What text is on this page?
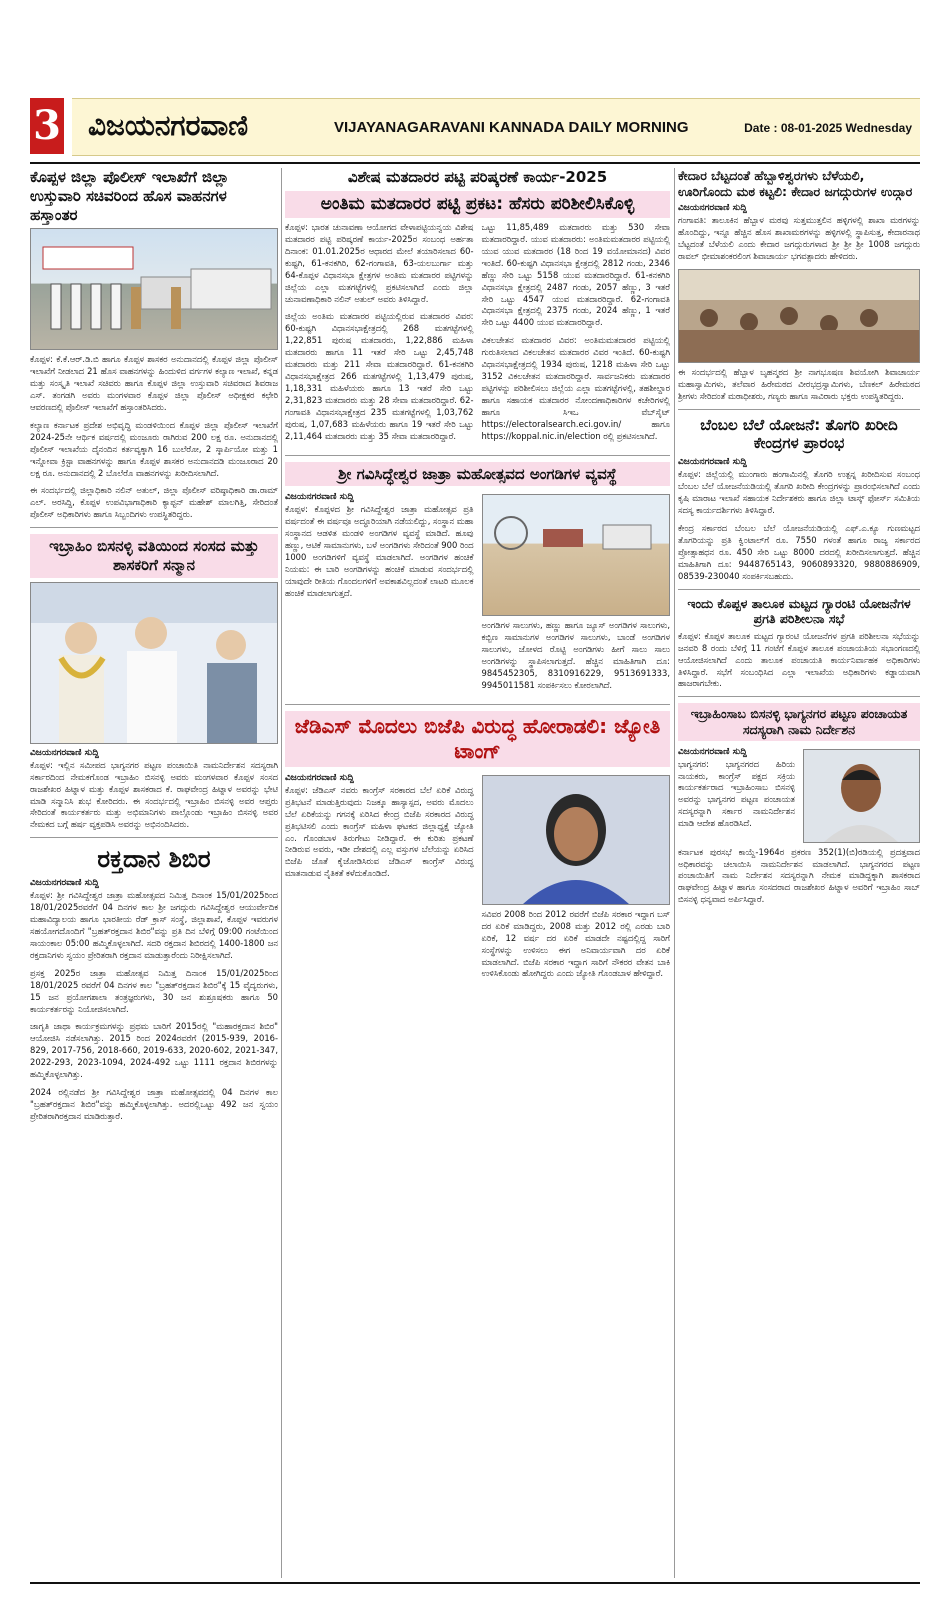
3 ವಿಜಯನಗರವಾಣಿ	VIJAYANAGARAVANI KANNADA DAILY MORNING	Date : 08-01-2025 Wednesday
ಕೊಪ್ಪಳ ಜಿಲ್ಲಾ ಪೊಲೀಸ್ ಇಲಾಖೆಗೆ ಜಿಲ್ಲಾ ಉಸ್ತುವಾರಿ ಸಚಿವರಿಂದ ಹೊಸ ವಾಹನಗಳ ಹಸ್ತಾಂತರ
ಕೊಪ್ಪಳ: ಕೆ.ಕೆ.ಆರ್.ಡಿ.ಬಿ ಹಾಗೂ ಕೊಪ್ಪಳ ಶಾಸಕರ ಅನುದಾನದಲ್ಲಿ ಕೊಪ್ಪಳ ಜಿಲ್ಲಾ ಪೊಲೀಸ್ ಇಲಾಖೆಗೆ ನೀಡಲಾದ 21 ಹೊಸ ವಾಹನಗಳನ್ನು ಹಿಂದುಳಿದ ವರ್ಗಗಳ ಕಲ್ಯಾಣ ಇಲಾಖೆ, ಕನ್ನಡ ಮತ್ತು ಸಂಸ್ಕೃತಿ ಇಲಾಖೆ ಸಚಿವರು ಹಾಗೂ ಕೊಪ್ಪಳ ಜಿಲ್ಲಾ ಉಸ್ತುವಾರಿ ಸಚಿವರಾದ ಶಿವರಾಜ ಎಸ್. ತಂಗಡಗಿ ಅವರು ಮಂಗಳವಾರ ಕೊಪ್ಪಳ ಜಿಲ್ಲಾ ಪೊಲೀಸ್ ಅಧೀಕ್ಷಕರ ಕಛೇರಿ ಆವರಣದಲ್ಲಿ ಪೊಲೀಸ್ ಇಲಾಖೆಗೆ ಹಸ್ತಾಂತರಿಸಿದರು.
ಕಲ್ಯಾಣ ಕರ್ನಾಟಕ ಪ್ರದೇಶ ಅಭಿವೃದ್ಧಿ ಮಂಡಳಿಯಿಂದ ಕೊಪ್ಪಳ ಜಿಲ್ಲಾ ಪೊಲೀಸ್ ಇಲಾಖೆಗೆ 2024-25ನೇ ಆರ್ಥಿಕ ವರ್ಷದಲ್ಲಿ ಮಂಜೂರು ರಾಗಿರುವ 200 ಲಕ್ಷ ರೂ. ಅನುದಾನದಲ್ಲಿ ಪೊಲೀಸ್ ಇಲಾಖೆಯ ದೈನಂದಿನ ಕರ್ತವ್ಯಕ್ಕಾಗಿ 16 ಬುಲೆರೋ, 2 ಸ್ಕಾರ್ಪಿಯೋ ಮತ್ತು 1 ಇನ್ನೋವಾ ಕ್ರಿಸ್ಟಾ ವಾಹನಗಳನ್ನು ಹಾಗೂ ಕೊಪ್ಪಳ ಶಾಸಕರ ಅನುದಾನದಡಿ ಮಂಜೂರಾದ 20 ಲಕ್ಷ ರೂ. ಅನುದಾನದಲ್ಲಿ 2 ಬೊಲೆರೊ ವಾಹನಗಳನ್ನು ಖರೀದಿಸಲಾಗಿದೆ.
ಈ ಸಂದರ್ಭದಲ್ಲಿ ಜಿಲ್ಲಾಧಿಕಾರಿ ನಲಿನ್ ಅತುಲ್, ಜಿಲ್ಲಾ ಪೊಲೀಸ್ ವರಿಷ್ಠಾಧಿಕಾರಿ ಡಾ.ರಾಮ್ ಎಲ್. ಅರಸಿದ್ದಿ, ಕೊಪ್ಪಳ ಉಪವಿಭಾಗಾಧಿಕಾರಿ ಕ್ಯಾಪ್ಟನ್ ಮಹೇಶ್ ಮಾಲಗಿತ್ತಿ, ಸೇರಿದಂತೆ ಪೊಲೀಸ್ ಅಧಿಕಾರಿಗಳು ಹಾಗೂ ಸಿಬ್ಬಂದಿಗಳು ಉಪಸ್ಥಿತರಿದ್ದರು.
ಇಬ್ರಾಹಿಂ ಬಿಸನಳ್ಳಿ ವತಿಯಿಂದ ಸಂಸದ ಮತ್ತು ಶಾಸಕರಿಗೆ ಸನ್ಮಾನ
ವಿಜಯನಗರವಾಣಿ ಸುದ್ದಿ
ಕೊಪ್ಪಳ: ಇಲ್ಲಿನ ಸಮೀಪದ ಭಾಗ್ಯನಗರ ಪಟ್ಟಣ ಪಂಚಾಯಿತಿ ನಾಮನಿರ್ದೇಶನ ಸದಸ್ಯರಾಗಿ ಸರ್ಕಾರದಿಂದ ನೇಮಕಗೊಂಡ ಇಬ್ರಾಹಿಂ ಬಿಸನಳ್ಳಿ ಅವರು ಮಂಗಳವಾರ ಕೊಪ್ಪಳ ಸಂಸದ ರಾಜಶೇಖರ ಹಿಟ್ನಾಳ ಮತ್ತು ಕೊಪ್ಪಳ ಶಾಸಕರಾದ ಕೆ. ರಾಘವೇಂದ್ರ ಹಿಟ್ನಾಳ ಅವರನ್ನು ಭೇಟಿ ಮಾಡಿ ಸನ್ಮಾನಿಸಿ ಶುಭ ಕೋರಿದರು. ಈ ಸಂದರ್ಭದಲ್ಲಿ ಇಬ್ರಾಹಿಂ ಬಿಸನಳ್ಳಿ ಅವರ ಆಪ್ತರು ಸೇರಿದಂತೆ ಕಾರ್ಯಕರ್ತರು ಮತ್ತು ಅಭಿಮಾನಿಗಳು ಪಾಲ್ಗೊಂಡು ಇಬ್ರಾಹಿಂ ಬಿಸನಳ್ಳಿ ಅವರ ನೇಮಕದ ಬಗ್ಗೆ ಹರ್ಷ ವ್ಯಕ್ತಪಡಿಸಿ ಅವರನ್ನು ಅಭಿನಂದಿಸಿದರು.
ರಕ್ತದಾನ ಶಿಬಿರ
ವಿಜಯನಗರವಾಣಿ ಸುದ್ದಿ
ಕೊಪ್ಪಳ: ಶ್ರೀ ಗವಿಸಿದ್ದೇಶ್ವರ ಜಾತ್ರಾ ಮಹೋತ್ಸವದ ನಿಮಿತ್ತ ದಿನಾಂಕ 15/01/2025ರಿಂದ 18/01/2025ರವರೆಗೆ 04 ದಿನಗಳ ಕಾಲ ಶ್ರೀ ಜಗದ್ಗುರು ಗವಿಸಿದ್ದೇಶ್ವರ ಆಯುರ್ವೇದಿಕ ಮಹಾವಿದ್ಯಾಲಯ ಹಾಗೂ ಭಾರತೀಯ ರೆಡ್ ಕ್ರಾಸ್ ಸಂಸ್ಥೆ, ಜಿಲ್ಲಾಶಾಖೆ, ಕೊಪ್ಪಳ ಇವರುಗಳ ಸಹಯೋಗದೊಂದಿಗೆ "ಬ್ರಹತ್‌ರಕ್ತದಾನ ಶಿಬಿರ"ವನ್ನು ಪ್ರತಿ ದಿನ ಬೆಳಿಗ್ಗೆ 09:00 ಗಂಟೆಯಿಂದ ಸಾಯಂಕಾಲ 05:00 ಹಮ್ಮಿಕೊಳ್ಳಲಾಗಿದೆ. ಸದರಿ ರಕ್ತದಾನ ಶಿಬಿರದಲ್ಲಿ 1400-1800 ಜನ ರಕ್ತದಾನಿಗಳು ಸ್ವಯಂ ಪ್ರೇರಿತರಾಗಿ ರಕ್ತದಾನ ಮಾಡುತ್ತಾರೆಂದು ನಿರೀಕ್ಷಿಸಲಾಗಿದೆ.
ಪ್ರಸಕ್ತ 2025ರ ಜಾತ್ರಾ ಮಹೋತ್ಸವ ನಿಮಿತ್ತ ದಿನಾಂಕ 15/01/2025ರಿಂದ 18/01/2025 ರವರೆಗೆ 04 ದಿನಗಳ ಕಾಲ "ಬ್ರಹತ್‌ರಕ್ತದಾನ ಶಿಬಿರ"ಕ್ಕೆ 15 ವೈದ್ಯರುಗಳು, 15 ಜನ ಪ್ರಯೋಗಶಾಲಾ ತಂತ್ರಜ್ಞರುಗಳು, 30 ಜನ ಶುಶ್ರೂಷಕರು ಹಾಗೂ 50 ಕಾರ್ಯಕರ್ತರನ್ನು ನಿಯೋಜಿಸಲಾಗಿದೆ.
ಜಾಗೃತಿ ಜಾಥಾ ಕಾರ್ಯಕ್ರಮಗಳನ್ನು ಪ್ರಥಮ ಬಾರಿಗೆ 2015ರಲ್ಲಿ "ಮಹಾರಕ್ತದಾನ ಶಿಬಿರ" ಆಯೋಜಿಸಿ ನಡೆಸಲಾಗಿತ್ತು. 2015 ರಿಂದ 2024ರವರೆಗೆ (2015-939, 2016-829, 2017-756, 2018-660, 2019-633, 2020-602, 2021-347, 2022-293, 2023-1094, 2024-492 ಒಟ್ಟು 1111 ರಕ್ತದಾನ ಶಿಬಿರಗಳನ್ನು ಹಮ್ಮಿಕೊಳ್ಳಲಾಗಿತ್ತು.
2024 ರಲ್ಲಿನಡೆದ ಶ್ರೀ ಗವಿಸಿದ್ದೇಶ್ವರ ಜಾತ್ರಾ ಮಹೋತ್ಸವದಲ್ಲಿ 04 ದಿನಗಳ ಕಾಲ "ಬ್ರಹತ್‌ರಕ್ತದಾನ ಶಿಬಿರ"ವನ್ನು ಹಮ್ಮಿಕೊಳ್ಳಲಾಗಿತ್ತು. ಅದರಲ್ಲಿಒಟ್ಟು 492 ಜನ ಸ್ವಯಂ ಪ್ರೇರಿತರಾಗಿರಕ್ತದಾನ ಮಾಡಿರುತ್ತಾರೆ.
ವಿಶೇಷ ಮತದಾರರ ಪಟ್ಟಿ ಪರಿಷ್ಕರಣೆ ಕಾರ್ಯ-2025
ಅಂತಿಮ ಮತದಾರರ ಪಟ್ಟಿ ಪ್ರಕಟ: ಹೆಸರು ಪರಿಶೀಲಿಸಿಕೊಳ್ಳಿ
ಕೊಪ್ಪಳ: ಭಾರತ ಚುನಾವಣಾ ಆಯೋಗದ ವೇಳಾಪಟ್ಟಿಯನ್ವಯ ವಿಶೇಷ ಮತದಾರರ ಪಟ್ಟಿ ಪರಿಷ್ಕರಣೆ ಕಾರ್ಯ-2025ರ ಸಂಬಂಧ ಅರ್ಹತಾ ದಿನಾಂಕ: 01.01.2025ರ ಆಧಾರದ ಮೇಲೆ ತಯಾರಿಸಲಾದ 60-ಕುಷ್ಟಗಿ, 61-ಕನಕಗಿರಿ, 62-ಗಂಗಾವತಿ, 63-ಯಲಬುರ್ಗಾ ಮತ್ತು 64-ಕೊಪ್ಪಳ ವಿಧಾನಸಭಾ ಕ್ಷೇತ್ರಗಳ ಅಂತಿಮ ಮತದಾರರ ಪಟ್ಟಿಗಳನ್ನು ಜಿಲ್ಲೆಯ ಎಲ್ಲಾ ಮತಗಟ್ಟೆಗಳಲ್ಲಿ ಪ್ರಕಟಿಸಲಾಗಿದೆ ಎಂದು ಜಿಲ್ಲಾ ಚುನಾವಣಾಧಿಕಾರಿ ನಲಿನ್ ಅತುಲ್ ಅವರು ತಿಳಿಸಿದ್ದಾರೆ.
ಜಿಲ್ಲೆಯ ಅಂತಿಮ ಮತದಾರರ ಪಟ್ಟಿಯಲ್ಲಿರುವ ಮತದಾರರ ವಿವರ: 60-ಕುಷ್ಟಗಿ ವಿಧಾನಸಭಾಕ್ಷೇತ್ರದಲ್ಲಿ 268 ಮತಗಟ್ಟೆಗಳಲ್ಲಿ 1,22,851 ಪುರುಷ ಮತದಾರರು, 1,22,886 ಮಹಿಳಾ ಮತದಾರರು ಹಾಗೂ 11 ಇತರೆ ಸೇರಿ ಒಟ್ಟು 2,45,748 ಮತದಾರರು ಮತ್ತು 211 ಸೇವಾ ಮತದಾರರಿದ್ದಾರೆ. 61-ಕನಕಗಿರಿ ವಿಧಾನಸಭಾಕ್ಷೇತ್ರದ 266 ಮತಗಟ್ಟೆಗಳಲ್ಲಿ 1,13,479 ಪುರುಷ, 1,18,331 ಮಹಿಳೆಯರು ಹಾಗೂ 13 ಇತರೆ ಸೇರಿ ಒಟ್ಟು 2,31,823 ಮತದಾರರು ಮತ್ತು 28 ಸೇವಾ ಮತದಾರರಿದ್ದಾರೆ. 62-ಗಂಗಾವತಿ ವಿಧಾನಸಭಾಕ್ಷೇತ್ರದ 235 ಮತಗಟ್ಟೆಗಳಲ್ಲಿ 1,03,762 ಪುರುಷ, 1,07,683 ಮಹಿಳೆಯರು ಹಾಗೂ 19 ಇತರೆ ಸೇರಿ ಒಟ್ಟು 2,11,464 ಮತದಾರರು ಮತ್ತು 35 ಸೇವಾ ಮತದಾರರಿದ್ದಾರೆ.
ಒಟ್ಟು 11,85,489 ಮತದಾರರು ಮತ್ತು 530 ಸೇವಾ ಮತದಾರರಿದ್ದಾರೆ. ಯುವ ಮತದಾರರು: ಅಂತಿಮಮತದಾರರ ಪಟ್ಟಿಯಲ್ಲಿ ಯುವ ಯುವ ಮತದಾರರ (18 ರಿಂದ 19 ವಯೋಮಾನದ) ವಿವರ ಇಂತಿದೆ. 60-ಕುಷ್ಟಗಿ ವಿಧಾನಸಭಾ ಕ್ಷೇತ್ರದಲ್ಲಿ 2812 ಗಂಡು, 2346 ಹೆಣ್ಣು ಸೇರಿ ಒಟ್ಟು 5158 ಯುವ ಮತದಾರರಿದ್ದಾರೆ. 61-ಕನಕಗಿರಿ ವಿಧಾನಸಭಾ ಕ್ಷೇತ್ರದಲ್ಲಿ 2487 ಗಂಡು, 2057 ಹೆಣ್ಣು, 3 ಇತರೆ ಸೇರಿ ಒಟ್ಟು 4547 ಯುವ ಮತದಾರರಿದ್ದಾರೆ. 62-ಗಂಗಾವತಿ ವಿಧಾನಸಭಾ ಕ್ಷೇತ್ರದಲ್ಲಿ 2375 ಗಂಡು, 2024 ಹೆಣ್ಣು, 1 ಇತರೆ ಸೇರಿ ಒಟ್ಟು 4400 ಯುವ ಮತದಾರರಿದ್ದಾರೆ.
ವಿಕಲಚೇತನ ಮತದಾರರ ವಿವರ: ಅಂತಿಮಮತದಾರರ ಪಟ್ಟಿಯಲ್ಲಿ ಗುರುತಿಸಲಾದ ವಿಕಲಚೇತನ ಮತದಾರರ ವಿವರ ಇಂತಿದೆ. 60-ಕುಷ್ಟಗಿ ವಿಧಾನಸಭಾಕ್ಷೇತ್ರದಲ್ಲಿ 1934 ಪುರುಷ, 1218 ಮಹಿಳಾ ಸೇರಿ ಒಟ್ಟು 3152 ವಿಕಲಚೇತನ ಮತದಾರರಿದ್ದಾರೆ. ಸಾರ್ವಜನಿಕರು ಮತದಾರರ ಪಟ್ಟಿಗಳನ್ನು ಪರಿಶೀಲಿಸಲು ಜಿಲ್ಲೆಯ ಎಲ್ಲಾ ಮತಗಟ್ಟೆಗಳಲ್ಲಿ, ತಹಶೀಲ್ದಾರ ಹಾಗೂ ಸಹಾಯಕ ಮತದಾರರ ನೋಂದಣಾಧಿಕಾರಿಗಳ ಕಚೇರಿಗಳಲ್ಲಿ ಹಾಗೂ ಸಿಇಒ ವೆಬ್‌ಸೈಟ್ https://electoralsearch.eci.gov.in/ ಹಾಗೂ https://koppal.nic.in/election ರಲ್ಲಿ ಪ್ರಕಟಿಸಲಾಗಿದೆ.
ಶ್ರೀ ಗವಿಸಿದ್ಧೇಶ್ವರ ಜಾತ್ರಾ ಮಹೋತ್ಸವದ ಅಂಗಡಿಗಳ ವ್ಯವಸ್ಥೆ
ವಿಜಯನಗರವಾಣಿ ಸುದ್ದಿ
ಕೊಪ್ಪಳ: ಕೊಪ್ಪಳದ ಶ್ರೀ ಗವಿಸಿದ್ದೇಶ್ವರ ಜಾತ್ರಾ ಮಹೋತ್ಸವ ಪ್ರತಿ ವರ್ಷದಂತೆ ಈ ವರ್ಷವೂ ಅದ್ಧೂರಿಯಾಗಿ ನಡೆಯಲಿದ್ದು, ಸಂಸ್ಥಾನ ಮಹಾ ಸಂಸ್ಥಾನದ ಆಡಳಿತ ಮಂಡಳಿ ಅಂಗಡಿಗಳ ವ್ಯವಸ್ಥೆ ಮಾಡಿದೆ. ಹೂವು ಹಣ್ಣು, ಆಟಿಕೆ ಸಾಮಾನುಗಳು, ಬಳೆ ಅಂಗಡಿಗಳು ಸೇರಿದಂತೆ 900 ರಿಂದ 1000 ಅಂಗಡಿಗಳಿಗೆ ವ್ಯವಸ್ಥೆ ಮಾಡಲಾಗಿದೆ. ಅಂಗಡಿಗಳ ಹಂಚಿಕೆ ನಿಯಮ: ಈ ಬಾರಿ ಅಂಗಡಿಗಳನ್ನು ಹಂಚಿಕೆ ಮಾಡುವ ಸಂದರ್ಭದಲ್ಲಿ ಯಾವುದೇ ರೀತಿಯ ಗೊಂದಲಗಳಿಗೆ ಅವಕಾಶವಿಲ್ಲದಂತೆ ಲಾಟರಿ ಮೂಲಕ ಹಂಚಿಕೆ ಮಾಡಲಾಗುತ್ತದೆ.
ಅಂಗಡಿಗಳ ಸಾಲುಗಳು, ಹಣ್ಣು ಹಾಗೂ ಜ್ಯೂಸ್ ಅಂಗಡಿಗಳ ಸಾಲುಗಳು, ಕಬ್ಬಿಣ ಸಾಮಾನುಗಳ ಅಂಗಡಿಗಳ ಸಾಲುಗಳು, ಬಾಂಡೆ ಅಂಗಡಿಗಳ ಸಾಲುಗಳು, ಜೋಳದ ರೊಟ್ಟಿ ಅಂಗಡಿಗಳು ಹೀಗೆ ಸಾಲು ಸಾಲು ಅಂಗಡಿಗಳನ್ನು ಸ್ಥಾಪಿಸಲಾಗುತ್ತದೆ. ಹೆಚ್ಚಿನ ಮಾಹಿತಿಗಾಗಿ ದೂ: 9845452305, 8310916229, 9513691333, 9945011581 ಸಂಪರ್ಕಿಸಲು ಕೋರಲಾಗಿದೆ.
ಜೆಡಿಎಸ್ ಮೊದಲು ಬಿಜೆಪಿ ವಿರುದ್ಧ ಹೋರಾಡಲಿ: ಜ್ಯೋತಿ ಟಾಂಗ್
ವಿಜಯನಗರವಾಣಿ ಸುದ್ದಿ
ಕೊಪ್ಪಳ: ಜೆಡಿಎಸ್ ನವರು ಕಾಂಗ್ರೆಸ್ ಸರಕಾರದ ಬೆಲೆ ಏರಿಕೆ ವಿರುದ್ಧ ಪ್ರತಿಭಟನೆ ಮಾಡುತ್ತಿರುವುದು ನಿಜಕ್ಕೂ ಹಾಸ್ಯಾಸ್ಪದ, ಅವರು ಮೊದಲು ಬೆಲೆ ಏರಿಕೆಯನ್ನು ಗಗನಕ್ಕೆ ಏರಿಸಿದ ಕೇಂದ್ರ ಬಿಜೆಪಿ ಸರಕಾರದ ವಿರುದ್ಧ ಪ್ರತಿಭಟಿಸಲಿ ಎಂದು ಕಾಂಗ್ರೆಸ್ ಮಹಿಳಾ ಘಟಕದ ಜಿಲ್ಲಾಧ್ಯಕ್ಷೆ ಜ್ಯೋತಿ ಎಂ. ಗೊಂಡಬಾಳ ತಿರುಗೇಟು ನೀಡಿದ್ದಾರೆ. ಈ ಕುರಿತು ಪ್ರಕಟಣೆ ನೀಡಿರುವ ಅವರು, ಇಡೀ ದೇಶದಲ್ಲಿ ಎಲ್ಲ ವಸ್ತುಗಳ ಬೆಲೆಯನ್ನು ಏರಿಸಿದ ಬಿಜೆಪಿ ಜೊತೆ ಕೈಜೋಡಿಸಿರುವ ಜೆಡಿಎಸ್ ಕಾಂಗ್ರೆಸ್ ವಿರುದ್ಧ ಮಾತನಾಡುವ ನೈತಿಕತೆ ಕಳೆದುಕೊಂಡಿದೆ.
ಸವಿವರ 2008 ರಿಂದ 2012 ರವರೆಗೆ ಬಿಜೆಪಿ ಸರಕಾರ ಇದ್ದಾಗ ಬಸ್ ದರ ಏರಿಕೆ ಮಾಡಿದ್ದರು, 2008 ಮತ್ತು 2012 ರಲ್ಲಿ ಎರಡು ಬಾರಿ ಏರಿಕೆ, 12 ವರ್ಷ ದರ ಏರಿಕೆ ಮಾಡದೇ ನಷ್ಟದಲ್ಲಿದ್ದ ಸಾರಿಗೆ ಸಂಸ್ಥೆಗಳನ್ನು ಉಳಿಸಲು ಈಗ ಅನಿವಾರ್ಯವಾಗಿ ದರ ಏರಿಕೆ ಮಾಡಲಾಗಿದೆ. ಬಿಜೆಪಿ ಸರಕಾರ ಇದ್ದಾಗ ಸಾರಿಗೆ ನೌಕರರ ವೇತನ ಬಾಕಿ ಉಳಿಸಿಕೊಂಡು ಹೋಗಿದ್ದರು ಎಂದು ಜ್ಯೋತಿ ಗೊಂಡಬಾಳ ಹೇಳಿದ್ದಾರೆ.
ಕೇದಾರ ಬೆಟ್ಟದಂತೆ ಹೆಬ್ಬಾಳಿಶ್ವರಗಳು ಬೆಳೆಯಲಿ, ಊರಿಗೊಂದು ಮಠ ಕಟ್ಟಲಿ: ಕೇದಾರ ಜಗದ್ಗುರುಗಳ ಉದ್ಗಾರ
ವಿಜಯನಗರವಾಣಿ ಸುದ್ದಿ
ಗಂಗಾವತಿ: ತಾಲೂಕಿನ ಹೆಬ್ಬಾಳ ಮಠವು ಸುತ್ತಮುತ್ತಲಿನ ಹಳ್ಳಿಗಳಲ್ಲಿ ಶಾಖಾ ಮಠಗಳನ್ನು ಹೊಂದಿದ್ದು, ಇನ್ನೂ ಹೆಚ್ಚಿನ ಹೊಸ ಶಾಖಾಮಠಗಳನ್ನು ಹಳ್ಳಿಗಳಲ್ಲಿ ಸ್ಥಾಪಿಸುತ್ತ, ಕೇದಾರನಾಥ ಬೆಟ್ಟದಂತೆ ಬೆಳೆಯಲಿ ಎಂದು ಕೇದಾರ ಜಗದ್ಗುರುಗಳಾದ ಶ್ರೀ ಶ್ರೀ ಶ್ರೀ 1008 ಜಗದ್ಗುರು ರಾವಲ್ ಭೀಮಾಶಂಕರಲಿಂಗ ಶಿವಾಚಾರ್ಯ ಭಗವತ್ಪಾದರು ಹೇಳಿದರು.
ಈ ಸಂದರ್ಭದಲ್ಲಿ ಹೆಬ್ಬಾಳ ಬೃಹನ್ಮಠದ ಶ್ರೀ ನಾಗಭೂಷಣ ಶಿವಯೋಗಿ ಶಿವಾಚಾರ್ಯ ಮಹಾಸ್ವಾಮಿಗಳು, ತಲೆವಾರ ಹಿರೇಮಠದ ವೀರಭದ್ರಸ್ವಾಮಿಗಳು, ಬೆಣಕಲ್ ಹಿರೇಮಠದ ಶ್ರೀಗಳು ಸೇರಿದಂತೆ ಮಠಾಧೀಶರು, ಗಣ್ಯರು ಹಾಗೂ ಸಾವಿರಾರು ಭಕ್ತರು ಉಪಸ್ಥಿತರಿದ್ದರು.
ಬೆಂಬಲ ಬೆಲೆ ಯೋಜನೆ: ತೊಗರಿ ಖರೀದಿ ಕೇಂದ್ರಗಳ ಪ್ರಾರಂಭ
ವಿಜಯನಗರವಾಣಿ ಸುದ್ದಿ
ಕೊಪ್ಪಳ: ಜಿಲ್ಲೆಯಲ್ಲಿ ಮುಂಗಾರು ಹಂಗಾಮಿನಲ್ಲಿ ತೊಗರಿ ಉತ್ಪನ್ನ ಖರೀದಿಸುವ ಸಂಬಂಧ ಬೆಂಬಲ ಬೆಲೆ ಯೋಜನೆಯಡಿಯಲ್ಲಿ ತೊಗರಿ ಖರೀದಿ ಕೇಂದ್ರಗಳನ್ನು ಪ್ರಾರಂಭಿಸಲಾಗಿದೆ ಎಂದು ಕೃಷಿ ಮಾರಾಟ ಇಲಾಖೆ ಸಹಾಯಕ ನಿರ್ದೇಶಕರು ಹಾಗೂ ಜಿಲ್ಲಾ ಟಾಸ್ಕ್ ಫೋರ್ಸ್ ಸಮಿತಿಯ ಸದಸ್ಯ ಕಾರ್ಯದರ್ಶಿಗಳು ತಿಳಿಸಿದ್ದಾರೆ.
ಕೇಂದ್ರ ಸರ್ಕಾರದ ಬೆಂಬಲ ಬೆಲೆ ಯೋಜನೆಯಡಿಯಲ್ಲಿ ಎಫ್.ಎ.ಕ್ಯೂ ಗುಣಮಟ್ಟದ ತೊಗರಿಯನ್ನು ಪ್ರತಿ ಕ್ವಿಂಟಾಲ್‌ಗೆ ರೂ. 7550 ಗಳಂತೆ ಹಾಗೂ ರಾಜ್ಯ ಸರ್ಕಾರದ ಪ್ರೋತ್ಸಾಹಧನ ರೂ. 450 ಸೇರಿ ಒಟ್ಟು 8000 ದರದಲ್ಲಿ ಖರೀದಿಸಲಾಗುತ್ತದೆ. ಹೆಚ್ಚಿನ ಮಾಹಿತಿಗಾಗಿ ದೂ: 9448765143, 9060893320, 9880886909, 08539-230040 ಸಂಪರ್ಕಿಸಬಹುದು.
ಇಂದು ಕೊಪ್ಪಳ ತಾಲೂಕ ಮಟ್ಟದ ಗ್ಯಾರಂಟಿ ಯೋಜನೆಗಳ ಪ್ರಗತಿ ಪರಿಶೀಲನಾ ಸಭೆ
ಕೊಪ್ಪಳ: ಕೊಪ್ಪಳ ತಾಲೂಕ ಮಟ್ಟದ ಗ್ಯಾರಂಟಿ ಯೋಜನೆಗಳ ಪ್ರಗತಿ ಪರಿಶೀಲನಾ ಸಭೆಯನ್ನು ಜನವರಿ 8 ರಂದು ಬೆಳಿಗ್ಗೆ 11 ಗಂಟೆಗೆ ಕೊಪ್ಪಳ ತಾಲೂಕ ಪಂಚಾಯತಿಯ ಸಭಾಂಗಣದಲ್ಲಿ ಆಯೋಜಿಸಲಾಗಿದೆ ಎಂದು ತಾಲೂಕ ಪಂಚಾಯತಿ ಕಾರ್ಯನಿರ್ವಾಹಕ ಅಧಿಕಾರಿಗಳು ತಿಳಿಸಿದ್ದಾರೆ. ಸಭೆಗೆ ಸಂಬಂಧಿಸಿದ ಎಲ್ಲಾ ಇಲಾಖೆಯ ಅಧಿಕಾರಿಗಳು ಕಡ್ಡಾಯವಾಗಿ ಹಾಜರಾಗಬೇಕು.
ಇಬ್ರಾಹಿಂಸಾಬ ಬಿಸನಳ್ಳಿ ಭಾಗ್ಯನಗರ ಪಟ್ಟಣ ಪಂಚಾಯತ ಸದಸ್ಯರಾಗಿ ನಾಮ ನಿರ್ದೇಶನ
ವಿಜಯನಗರವಾಣಿ ಸುದ್ದಿ
ಭಾಗ್ಯನಗರ: ಭಾಗ್ಯನಗರದ ಹಿರಿಯ ನಾಯಕರು, ಕಾಂಗ್ರೆಸ್ ಪಕ್ಷದ ಸಕ್ರಿಯ ಕಾರ್ಯಕರ್ತರಾದ ಇಬ್ರಾಹಿಂಸಾಬ ಬಿಸನಳ್ಳಿ ಅವರನ್ನು ಭಾಗ್ಯನಗರ ಪಟ್ಟಣ ಪಂಚಾಯತ ಸದಸ್ಯರನ್ನಾಗಿ ಸರ್ಕಾರ ನಾಮನಿರ್ದೇಶನ ಮಾಡಿ ಆದೇಶ ಹೊರಡಿಸಿದೆ.
ಕರ್ನಾಟಕ ಪುರಸಭೆ ಕಾಯ್ದೆ-1964ರ ಪ್ರಕರಣ 352(1)(ಬಿ)ರಡಿಯಲ್ಲಿ ಪ್ರದತ್ತವಾದ ಅಧಿಕಾರವನ್ನು ಚಲಾಯಿಸಿ ನಾಮನಿರ್ದೇಶನ ಮಾಡಲಾಗಿದೆ. ಭಾಗ್ಯನಗರದ ಪಟ್ಟಣ ಪಂಚಾಯಿತಿಗೆ ನಾಮ ನಿರ್ದೇಶನ ಸದಸ್ಯರನ್ನಾಗಿ ನೇಮಕ ಮಾಡಿದ್ದಕ್ಕಾಗಿ ಶಾಸಕರಾದ ರಾಘವೇಂದ್ರ ಹಿಟ್ನಾಳ ಹಾಗೂ ಸಂಸದರಾದ ರಾಜಶೇಖರ ಹಿಟ್ನಾಳ ಅವರಿಗೆ ಇಬ್ರಾಹಿಂ ಸಾಬ್ ಬಿಸನಳ್ಳಿ ಧನ್ಯವಾದ ಅರ್ಪಿಸಿದ್ದಾರೆ.
